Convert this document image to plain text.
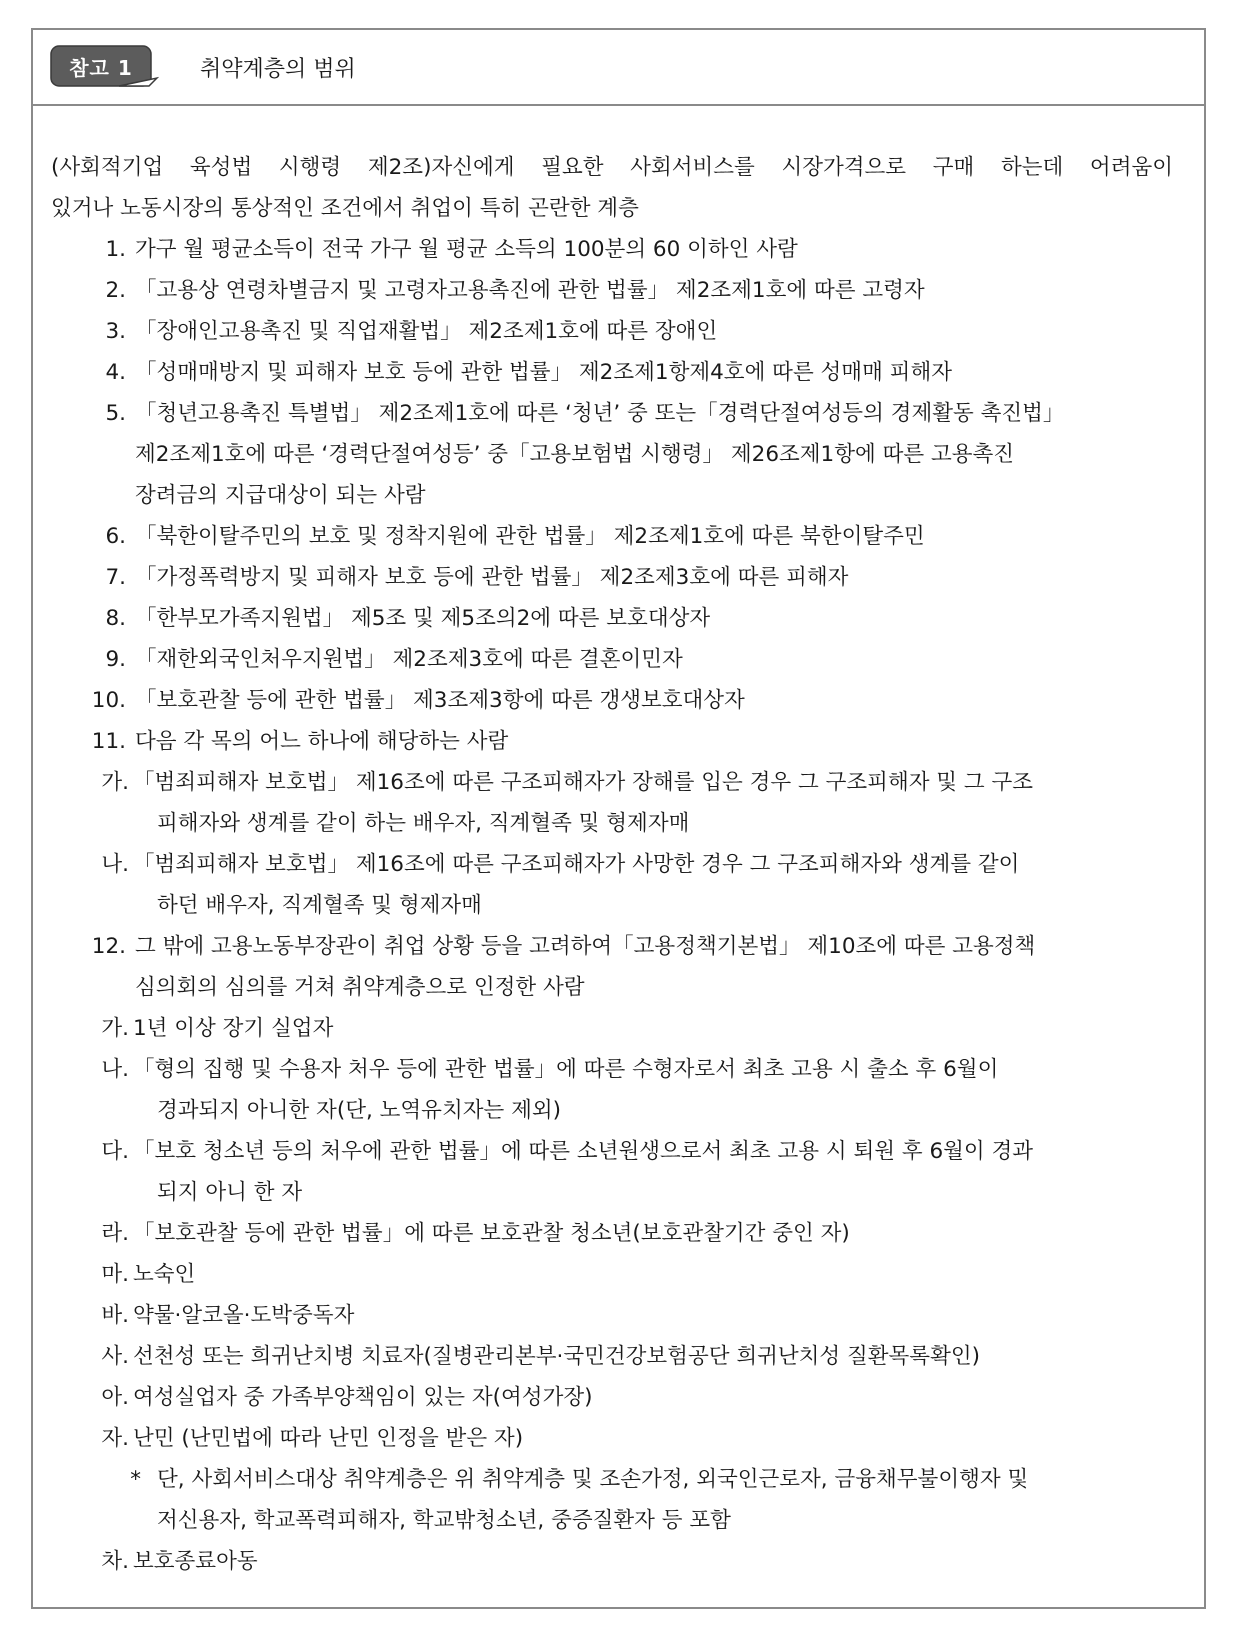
참고 1	취약계층의 범위
(사회적기업 육성법 시행령 제2조)자신에게 필요한 사회서비스를 시장가격으로 구매 하는데 어려움이
있거나 노동시장의 통상적인 조건에서 취업이 특히 곤란한 계층
1. 가구 월 평균소득이 전국 가구 월 평균 소득의 100분의 60 이하인 사람
2. 「고용상 연령차별금지 및 고령자고용촉진에 관한 법률」 제2조제1호에 따른 고령자
3. 「장애인고용촉진 및 직업재활법」 제2조제1호에 따른 장애인
4. 「성매매방지 및 피해자 보호 등에 관한 법률」 제2조제1항제4호에 따른 성매매 피해자
5. 「청년고용촉진 특별법」 제2조제1호에 따른 ‘청년’ 중 또는「경력단절여성등의 경제활동 촉진법」
제2조제1호에 따른 ‘경력단절여성등’ 중「고용보험법 시행령」 제26조제1항에 따른 고용촉진
장려금의 지급대상이 되는 사람
6. 「북한이탈주민의 보호 및 정착지원에 관한 법률」 제2조제1호에 따른 북한이탈주민
7. 「가정폭력방지 및 피해자 보호 등에 관한 법률」 제2조제3호에 따른 피해자
8. 「한부모가족지원법」 제5조 및 제5조의2에 따른 보호대상자
9. 「재한외국인처우지원법」 제2조제3호에 따른 결혼이민자
10. 「보호관찰 등에 관한 법률」 제3조제3항에 따른 갱생보호대상자
11. 다음 각 목의 어느 하나에 해당하는 사람
가. 「범죄피해자 보호법」 제16조에 따른 구조피해자가 장해를 입은 경우 그 구조피해자 및 그 구조
피해자와 생계를 같이 하는 배우자, 직계혈족 및 형제자매
나. 「범죄피해자 보호법」 제16조에 따른 구조피해자가 사망한 경우 그 구조피해자와 생계를 같이
하던 배우자, 직계혈족 및 형제자매
12. 그 밖에 고용노동부장관이 취업 상황 등을 고려하여「고용정책기본법」 제10조에 따른 고용정책
심의회의 심의를 거쳐 취약계층으로 인정한 사람
가. 1년 이상 장기 실업자
나. 「형의 집행 및 수용자 처우 등에 관한 법률」에 따른 수형자로서 최초 고용 시 출소 후 6월이
경과되지 아니한 자(단, 노역유치자는 제외)
다. 「보호 청소년 등의 처우에 관한 법률」에 따른 소년원생으로서 최초 고용 시 퇴원 후 6월이 경과
되지 아니 한 자
라. 「보호관찰 등에 관한 법률」에 따른 보호관찰 청소년(보호관찰기간 중인 자)
마. 노숙인
바. 약물·알코올·도박중독자
사. 선천성 또는 희귀난치병 치료자(질병관리본부·국민건강보험공단 희귀난치성 질환목록확인)
아. 여성실업자 중 가족부양책임이 있는 자(여성가장)
자. 난민 (난민법에 따라 난민 인정을 받은 자)
* 단, 사회서비스대상 취약계층은 위 취약계층 및 조손가정, 외국인근로자, 금융채무불이행자 및
저신용자, 학교폭력피해자, 학교밖청소년, 중증질환자 등 포함
차. 보호종료아동
